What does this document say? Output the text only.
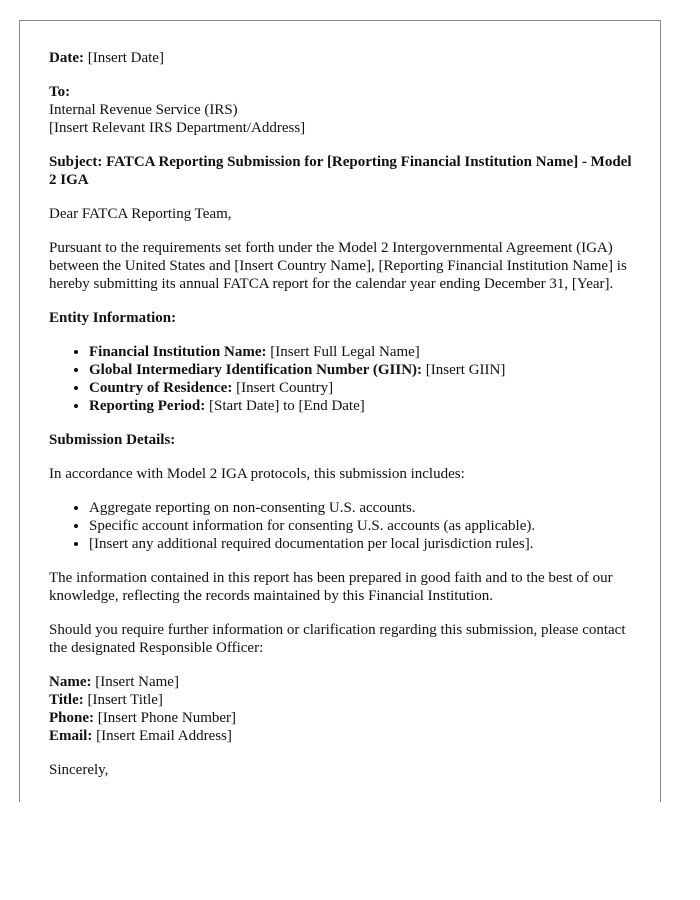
Date: [Insert Date]

To:

Internal Revenue Service (IRS)

[Insert Relevant IRS Department/Address]

Subject: FATCA Reporting Submission for [Reporting Financial Institution Name] - Model 2 IGA

Dear FATCA Reporting Team,

Pursuant to the requirements set forth under the Model 2 Intergovernmental Agreement (IGA) between the United States and [Insert Country Name], [Reporting Financial Institution Name] is hereby submitting its annual FATCA report for the calendar year ending December 31, [Year].

Entity Information:

• Financial Institution Name: [Insert Full Legal Name]
• Global Intermediary Identification Number (GIIN): [Insert GIIN]
• Country of Residence: [Insert Country]
• Reporting Period: [Start Date] to [End Date]

Submission Details:

In accordance with Model 2 IGA protocols, this submission includes:

• Aggregate reporting on non-consenting U.S. accounts.
• Specific account information for consenting U.S. accounts (as applicable).
• [Insert any additional required documentation per local jurisdiction rules].

The information contained in this report has been prepared in good faith and to the best of our knowledge, reflecting the records maintained by this Financial Institution.

Should you require further information or clarification regarding this submission, please contact the designated Responsible Officer:

Name: [Insert Name]

Title: [Insert Title]

Phone: [Insert Phone Number]

Email: [Insert Email Address]

Sincerely,
